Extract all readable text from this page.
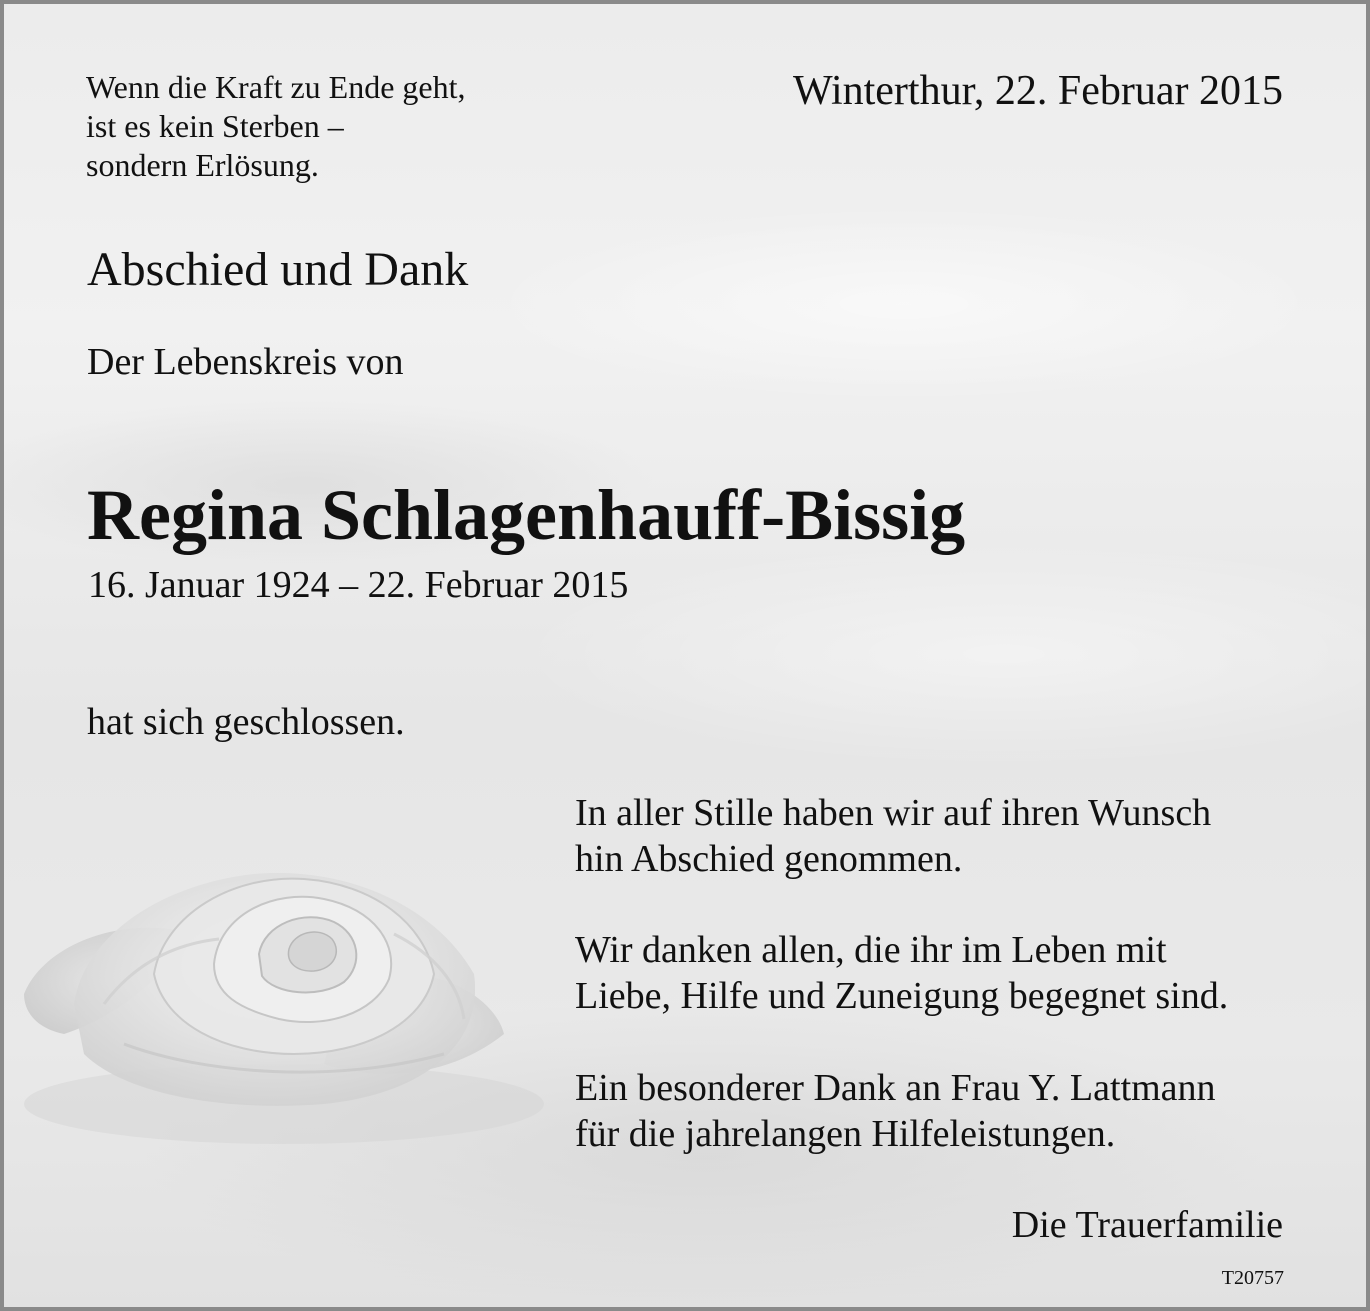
Wenn die Kraft zu Ende geht,
ist es kein Sterben –
sondern Erlösung.

Winterthur, 22. Februar 2015
Abschied und Dank
Der Lebenskreis von
Regina Schlagenhauff-Bissig
16. Januar 1924 – 22. Februar 2015
hat sich geschlossen.

In aller Stille haben wir auf ihren Wunsch
hin Abschied genommen.

Wir danken allen, die ihr im Leben mit
Liebe, Hilfe und Zuneigung begegnet sind.

Ein besonderer Dank an Frau Y. Lattmann
für die jahrelangen Hilfeleistungen.

Die Trauerfamilie
T20757
